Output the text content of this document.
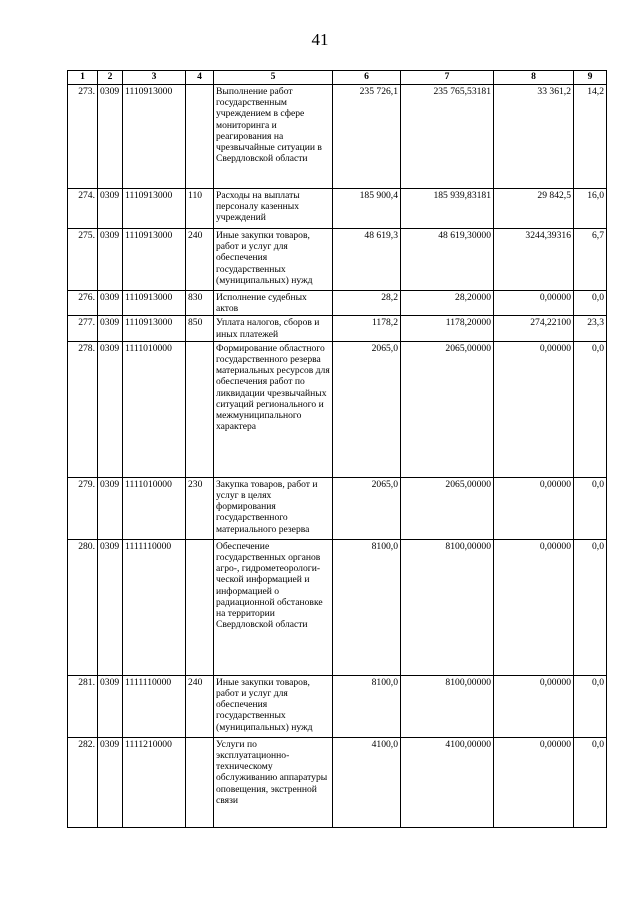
41
1	2	3	4	5	6	7	8	9
273.	0309	1110913000		Выполнение работ государственным учреждением в сфере мониторинга и реагирования на чрезвычайные ситуации в Свердловской области	235 726,1	235 765,53181	33 361,2	14,2
274.	0309	1110913000	110	Расходы на выплаты персоналу казенных учреждений	185 900,4	185 939,83181	29 842,5	16,0
275.	0309	1110913000	240	Иные закупки товаров, работ и услуг для обеспечения государственных (муниципальных) нужд	48 619,3	48 619,30000	3244,39316	6,7
276.	0309	1110913000	830	Исполнение судебных актов	28,2	28,20000	0,00000	0,0
277.	0309	1110913000	850	Уплата налогов, сборов и иных платежей	1178,2	1178,20000	274,22100	23,3
278.	0309	1111010000		Формирование областного государственного резерва материальных ресурсов для обеспечения работ по ликвидации чрезвычайных ситуаций регионального и межмуниципального характера	2065,0	2065,00000	0,00000	0,0
279.	0309	1111010000	230	Закупка товаров, работ и услуг в целях формирования государственного материального резерва	2065,0	2065,00000	0,00000	0,0
280.	0309	1111110000		Обеспечение государственных органов агро-, гидрометеорологи-ческой информацией и информацией о радиационной обстановке на территории Свердловской области	8100,0	8100,00000	0,00000	0,0
281.	0309	1111110000	240	Иные закупки товаров, работ и услуг для обеспечения государственных (муниципальных) нужд	8100,0	8100,00000	0,00000	0,0
282.	0309	1111210000		Услуги по эксплуатационно-техническому обслуживанию аппаратуры оповещения, экстренной связи	4100,0	4100,00000	0,00000	0,0
